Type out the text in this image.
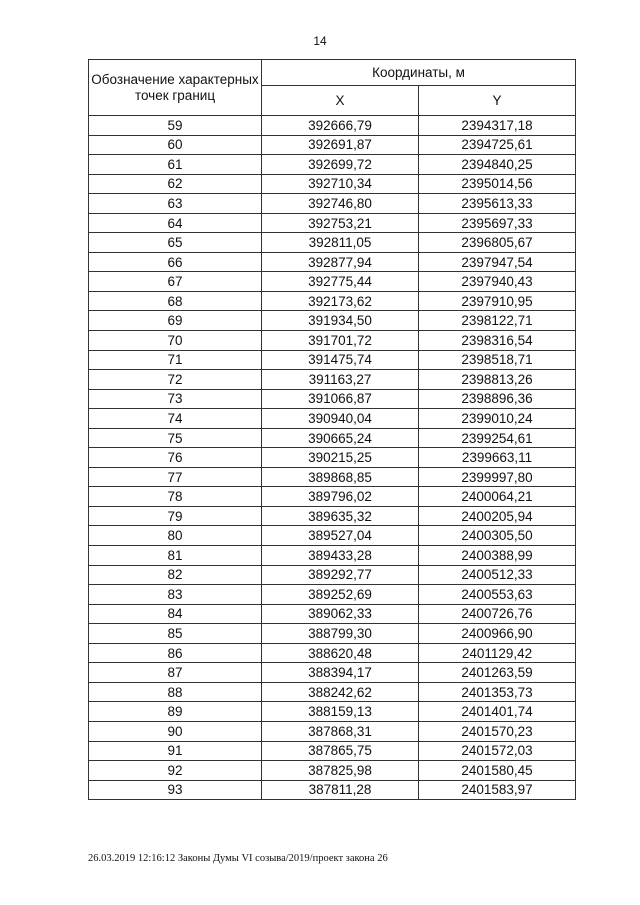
14
Обозначение характерных точек границ	Координаты, м	
	X	Y
59	392666,79	2394317,18
60	392691,87	2394725,61
61	392699,72	2394840,25
62	392710,34	2395014,56
63	392746,80	2395613,33
64	392753,21	2395697,33
65	392811,05	2396805,67
66	392877,94	2397947,54
67	392775,44	2397940,43
68	392173,62	2397910,95
69	391934,50	2398122,71
70	391701,72	2398316,54
71	391475,74	2398518,71
72	391163,27	2398813,26
73	391066,87	2398896,36
74	390940,04	2399010,24
75	390665,24	2399254,61
76	390215,25	2399663,11
77	389868,85	2399997,80
78	389796,02	2400064,21
79	389635,32	2400205,94
80	389527,04	2400305,50
81	389433,28	2400388,99
82	389292,77	2400512,33
83	389252,69	2400553,63
84	389062,33	2400726,76
85	388799,30	2400966,90
86	388620,48	2401129,42
87	388394,17	2401263,59
88	388242,62	2401353,73
89	388159,13	2401401,74
90	387868,31	2401570,23
91	387865,75	2401572,03
92	387825,98	2401580,45
93	387811,28	2401583,97
26.03.2019 12:16:12 Законы Думы VI созыва/2019/проект закона 26
